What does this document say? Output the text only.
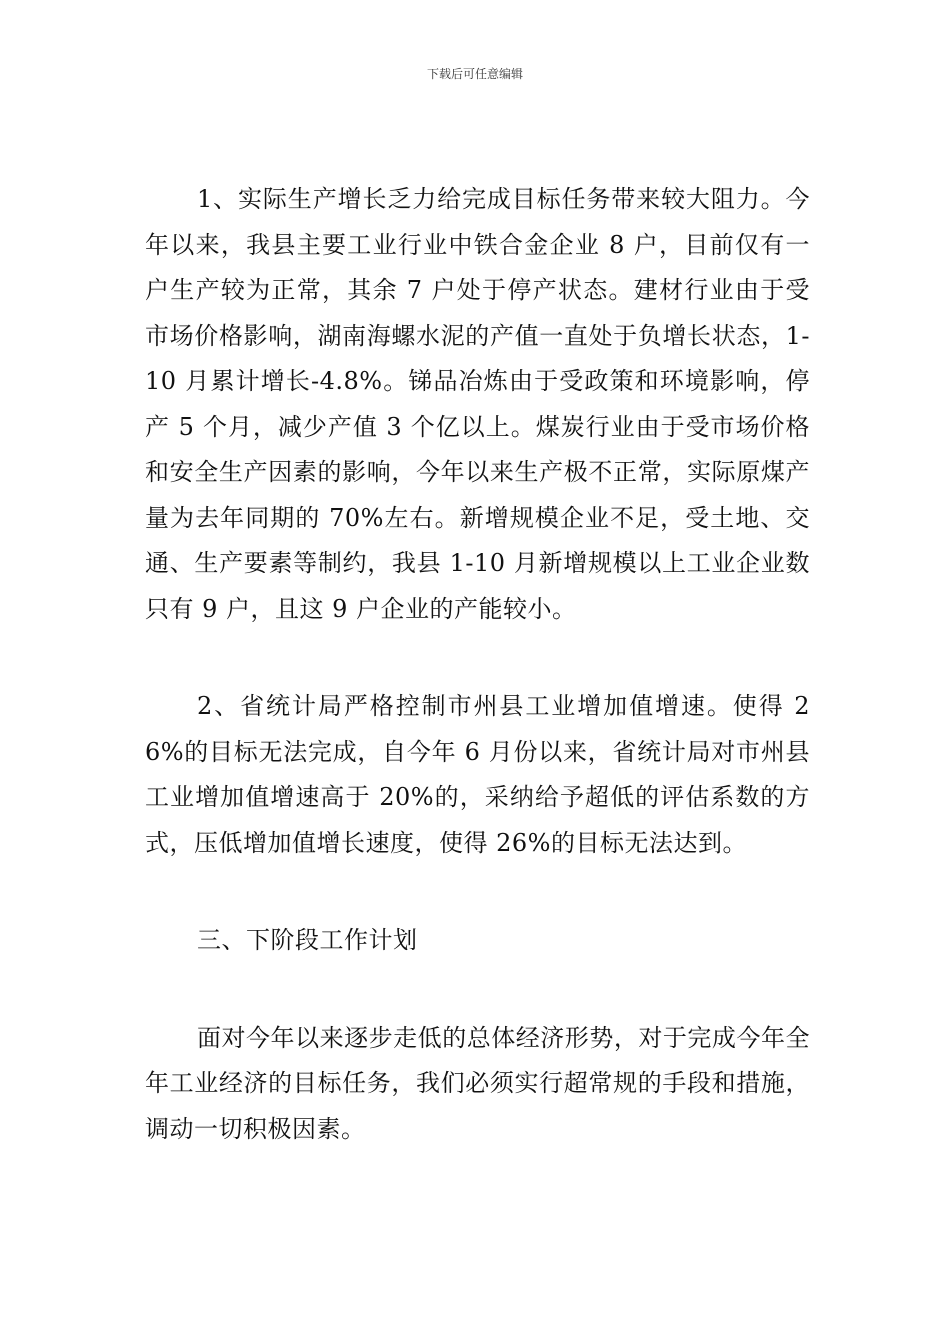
下载后可任意编辑

1、实际生产增长乏力给完成目标任务带来较大阻力。今年以来，我县主要工业行业中铁合金企业 8 户，目前仅有一户生产较为正常，其余 7 户处于停产状态。建材行业由于受市场价格影响，湖南海螺水泥的产值一直处于负增长状态，1-10 月累计增长-4.8%。锑品冶炼由于受政策和环境影响，停产 5 个月，减少产值 3 个亿以上。煤炭行业由于受市场价格和安全生产因素的影响，今年以来生产极不正常，实际原煤产量为去年同期的 70%左右。新增规模企业不足，受土地、交通、生产要素等制约，我县 1-10 月新增规模以上工业企业数只有 9 户，且这 9 户企业的产能较小。

2、省统计局严格控制市州县工业增加值增速。使得 26%的目标无法完成，自今年 6 月份以来，省统计局对市州县工业增加值增速高于 20%的，采纳给予超低的评估系数的方式，压低增加值增长速度，使得 26%的目标无法达到。

三、下阶段工作计划

面对今年以来逐步走低的总体经济形势，对于完成今年全年工业经济的目标任务，我们必须实行超常规的手段和措施，调动一切积极因素。
